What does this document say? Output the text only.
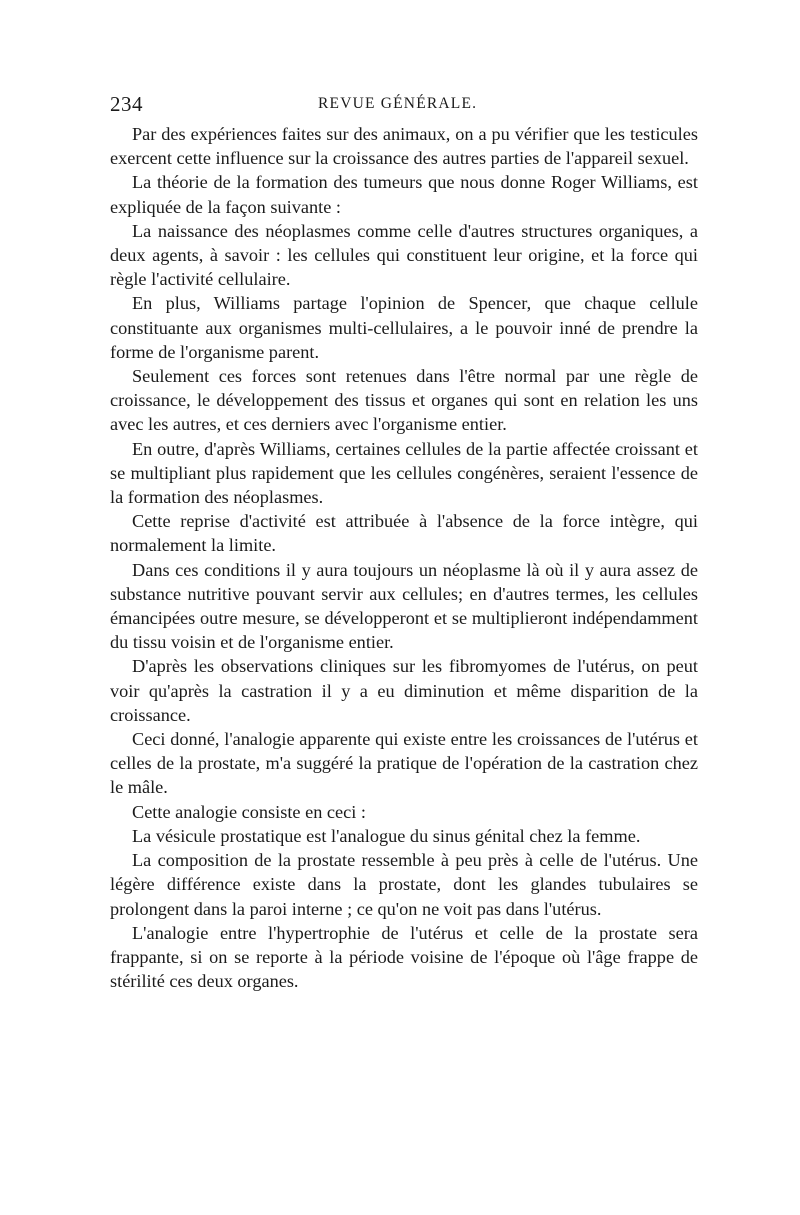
234	REVUE GÉNÉRALE.

Par des expériences faites sur des animaux, on a pu vérifier que les testicules exercent cette influence sur la croissance des autres parties de l'appareil sexuel.

La théorie de la formation des tumeurs que nous donne Roger Williams, est expliquée de la façon suivante :

La naissance des néoplasmes comme celle d'autres structures organiques, a deux agents, à savoir : les cellules qui constituent leur origine, et la force qui règle l'activité cellulaire.

En plus, Williams partage l'opinion de Spencer, que chaque cellule constituante aux organismes multi-cellulaires, a le pouvoir inné de prendre la forme de l'organisme parent.

Seulement ces forces sont retenues dans l'être normal par une règle de croissance, le développement des tissus et organes qui sont en relation les uns avec les autres, et ces derniers avec l'organisme entier.

En outre, d'après Williams, certaines cellules de la partie affectée croissant et se multipliant plus rapidement que les cellules congénères, seraient l'essence de la formation des néoplasmes.

Cette reprise d'activité est attribuée à l'absence de la force intègre, qui normalement la limite.

Dans ces conditions il y aura toujours un néoplasme là où il y aura assez de substance nutritive pouvant servir aux cellules; en d'autres termes, les cellules émancipées outre mesure, se développeront et se multiplieront indépendamment du tissu voisin et de l'organisme entier.

D'après les observations cliniques sur les fibromyomes de l'utérus, on peut voir qu'après la castration il y a eu diminution et même disparition de la croissance.

Ceci donné, l'analogie apparente qui existe entre les croissances de l'utérus et celles de la prostate, m'a suggéré la pratique de l'opération de la castration chez le mâle.

Cette analogie consiste en ceci :

La vésicule prostatique est l'analogue du sinus génital chez la femme.

La composition de la prostate ressemble à peu près à celle de l'utérus. Une légère différence existe dans la prostate, dont les glandes tubulaires se prolongent dans la paroi interne ; ce qu'on ne voit pas dans l'utérus.

L'analogie entre l'hypertrophie de l'utérus et celle de la prostate sera frappante, si on se reporte à la période voisine de l'époque où l'âge frappe de stérilité ces deux organes.
